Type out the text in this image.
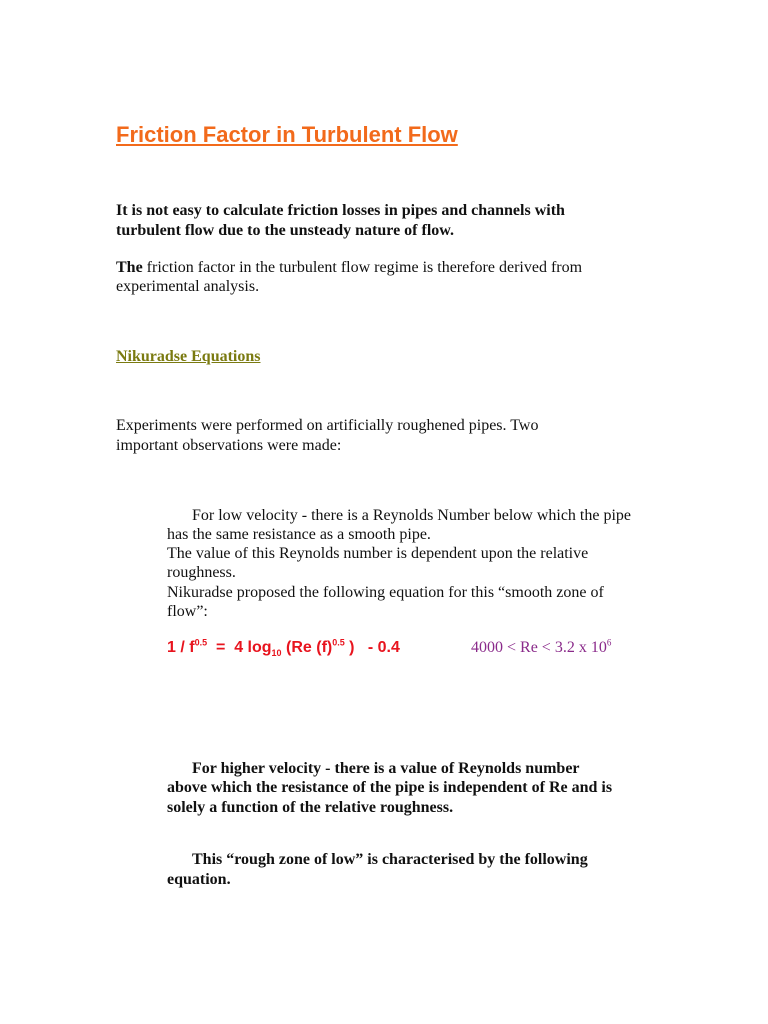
Friction Factor in Turbulent Flow
It is not easy to calculate friction losses in pipes and channels with
turbulent flow due to the unsteady nature of flow.
The friction factor in the turbulent flow regime is therefore derived from
experimental analysis.
Nikuradse Equations
Experiments were performed on artificially roughened pipes. Two
important observations were made:
For low velocity - there is a Reynolds Number below which the pipe
has the same resistance as a smooth pipe.
The value of this Reynolds number is dependent upon the relative
roughness.
Nikuradse proposed the following equation for this “smooth zone of
flow”:
$1 / f^{0.5} = 4$ $\log_{10} (Re$ $(f)^{0.5}$ )   - 0.4	4000 < Re < 3.2 x $10^6$
For higher velocity - there is a value of Reynolds number
above which the resistance of the pipe is independent of Re and is
solely a function of the relative roughness.
This “rough zone of low” is characterised by the following
equation.
